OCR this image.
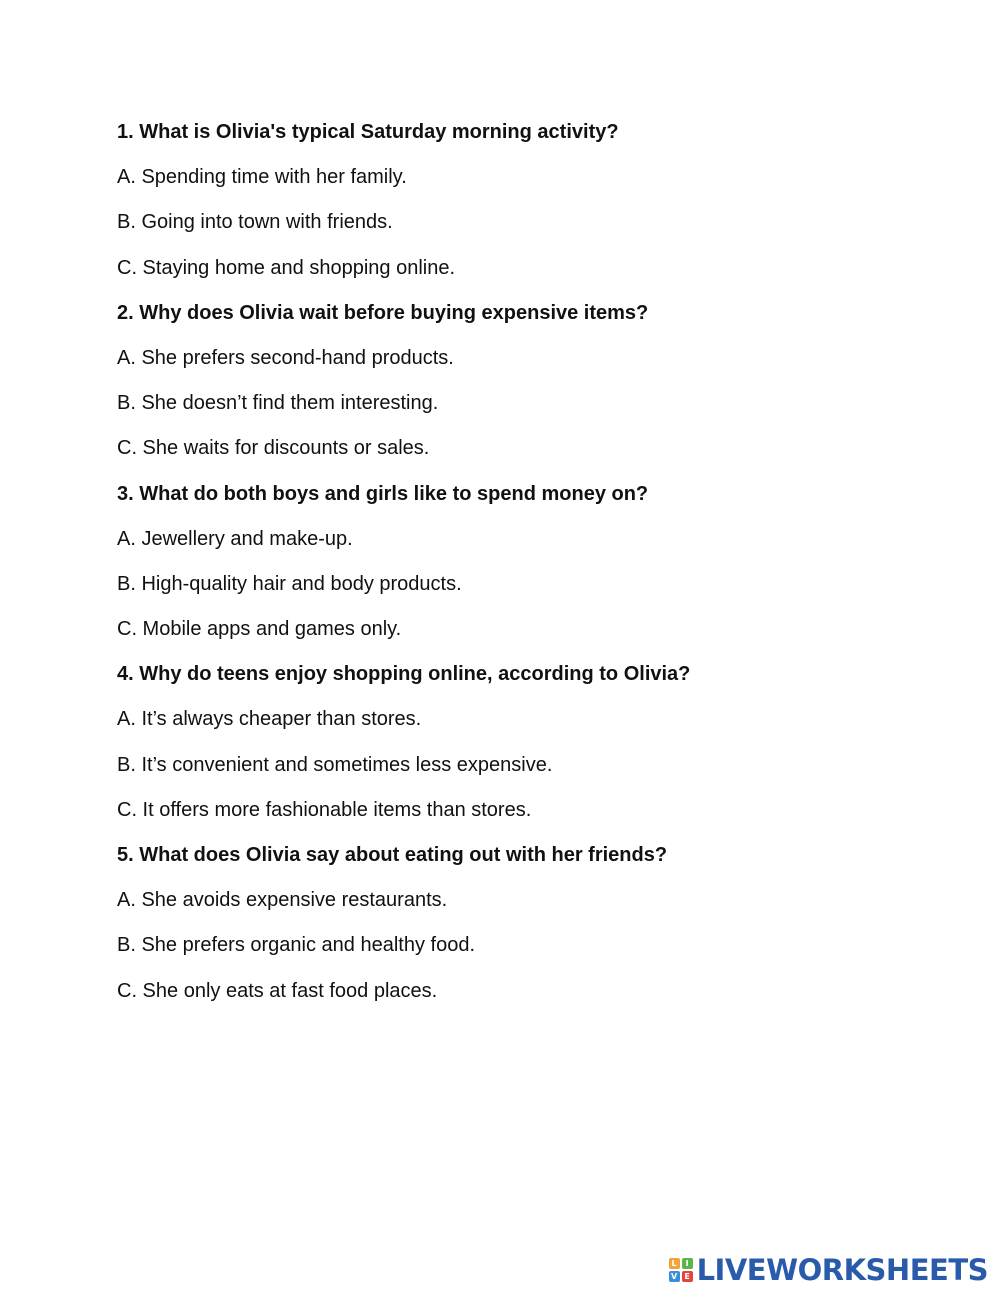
1. What is Olivia's typical Saturday morning activity?
A. Spending time with her family.
B. Going into town with friends.
C. Staying home and shopping online.
2. Why does Olivia wait before buying expensive items?
A. She prefers second-hand products.
B. She doesn’t find them interesting.
C. She waits for discounts or sales.
3. What do both boys and girls like to spend money on?
A. Jewellery and make-up.
B. High-quality hair and body products.
C. Mobile apps and games only.
4. Why do teens enjoy shopping online, according to Olivia?
A. It’s always cheaper than stores.
B. It’s convenient and sometimes less expensive.
C. It offers more fashionable items than stores.
5. What does Olivia say about eating out with her friends?
A. She avoids expensive restaurants.
B. She prefers organic and healthy food.
C. She only eats at fast food places.
L	I
V E LIVEWORKSHEETS
